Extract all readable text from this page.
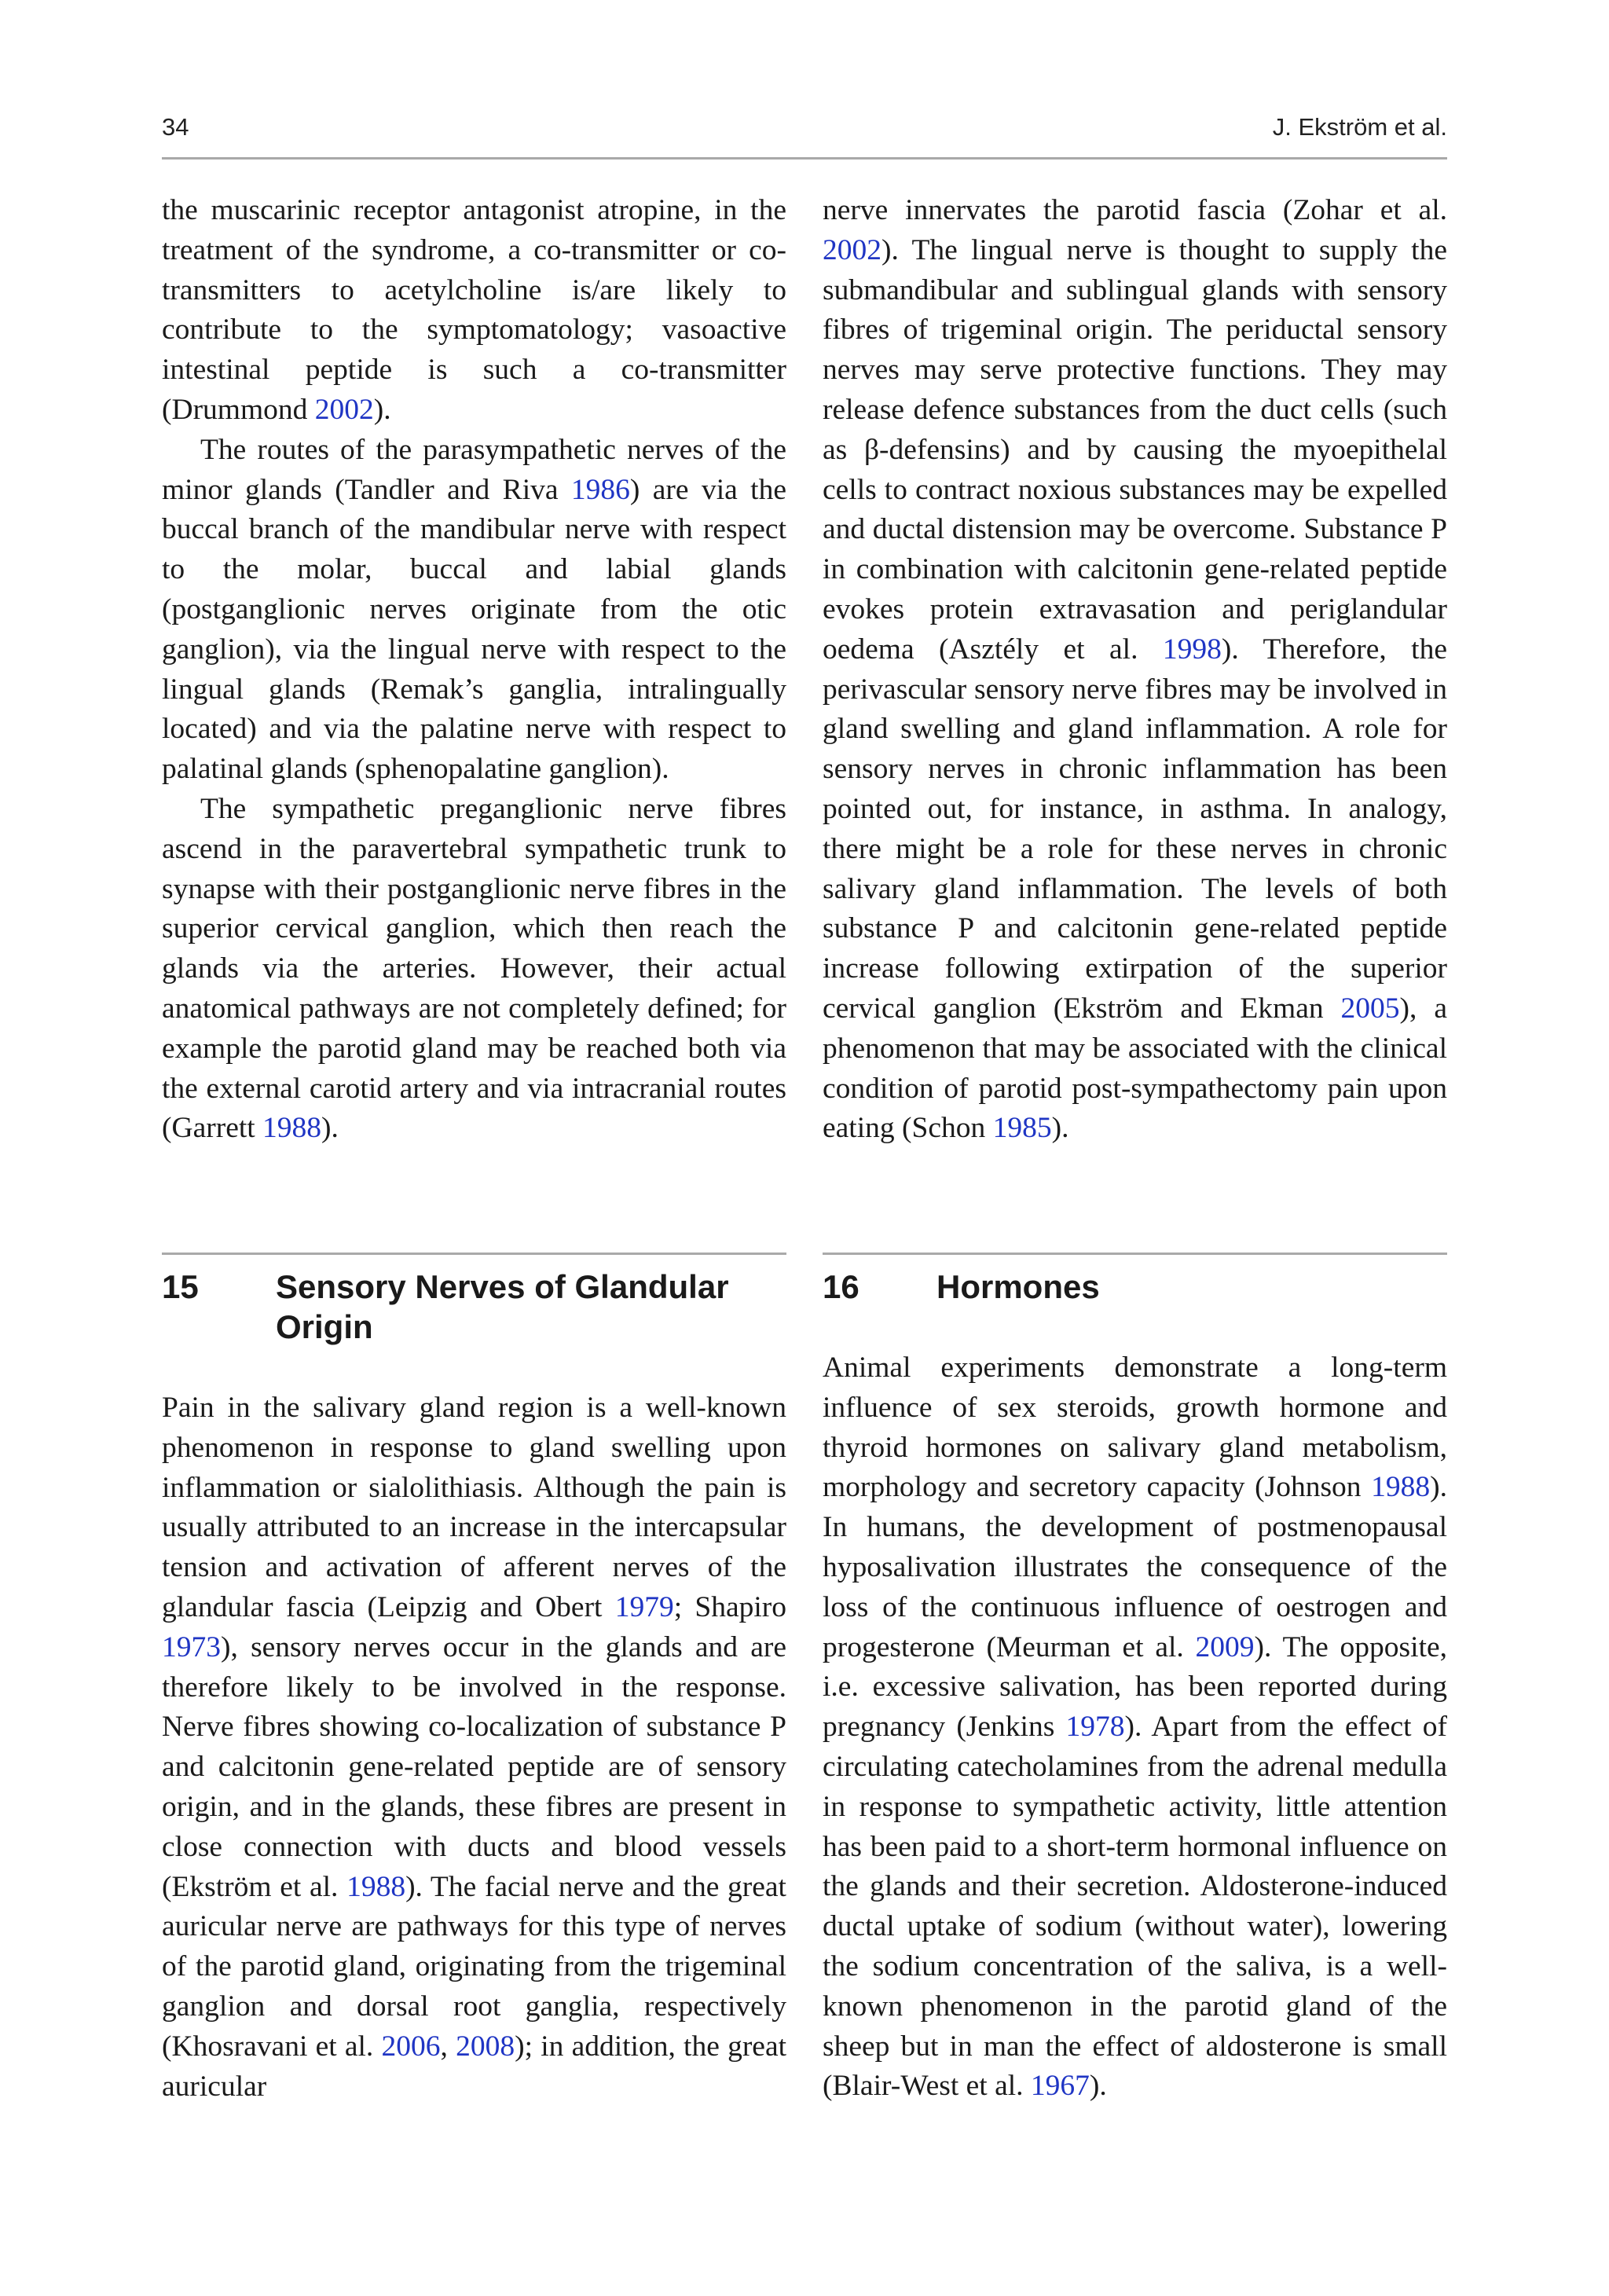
34	J. Ekström et al.

the muscarinic receptor antagonist atropine, in the treatment of the syndrome, a co-transmitter or co-transmitters to acetylcholine is/are likely to contribute to the symptomatology; vasoactive intestinal peptide is such a co-transmitter (Drummond 2002).

The routes of the parasympathetic nerves of the minor glands (Tandler and Riva 1986) are via the buccal branch of the mandibular nerve with respect to the molar, buccal and labial glands (postganglionic nerves originate from the otic ganglion), via the lingual nerve with respect to the lingual glands (Remak’s ganglia, intralingually located) and via the palatine nerve with respect to palatinal glands (sphenopalatine ganglion).

The sympathetic preganglionic nerve fibres ascend in the paravertebral sympathetic trunk to synapse with their postganglionic nerve fibres in the superior cervical ganglion, which then reach the glands via the arteries. However, their actual anatomical pathways are not completely defined; for example the parotid gland may be reached both via the external carotid artery and via intracranial routes (Garrett 1988).

nerve innervates the parotid fascia (Zohar et al. 2002). The lingual nerve is thought to supply the submandibular and sublingual glands with sensory fibres of trigeminal origin. The periductal sensory nerves may serve protective functions. They may release defence substances from the duct cells (such as β-defensins) and by causing the myoepithelal cells to contract noxious substances may be expelled and ductal distension may be overcome. Substance P in combination with calcitonin gene-related peptide evokes protein extravasation and periglandular oedema (Asztély et al. 1998). Therefore, the perivascular sensory nerve fibres may be involved in gland swelling and gland inflammation. A role for sensory nerves in chronic inflammation has been pointed out, for instance, in asthma. In analogy, there might be a role for these nerves in chronic salivary gland inflammation. The levels of both substance P and calcitonin gene-related peptide increase following extirpation of the superior cervical ganglion (Ekström and Ekman 2005), a phenomenon that may be associated with the clinical condition of parotid post-sympathectomy pain upon eating (Schon 1985).

15 Sensory Nerves of Glandular Origin

Pain in the salivary gland region is a well-known phenomenon in response to gland swelling upon inflammation or sialolithiasis. Although the pain is usually attributed to an increase in the intercapsular tension and activation of afferent nerves of the glandular fascia (Leipzig and Obert 1979; Shapiro 1973), sensory nerves occur in the glands and are therefore likely to be involved in the response. Nerve fibres showing co-localization of substance P and calcitonin gene-related peptide are of sensory origin, and in the glands, these fibres are present in close connection with ducts and blood vessels (Ekström et al. 1988). The facial nerve and the great auricular nerve are pathways for this type of nerves of the parotid gland, originating from the trigeminal ganglion and dorsal root ganglia, respectively (Khosravani et al. 2006, 2008); in addition, the great auricular

16 Hormones

Animal experiments demonstrate a long-term influence of sex steroids, growth hormone and thyroid hormones on salivary gland metabolism, morphology and secretory capacity (Johnson 1988). In humans, the development of postmenopausal hyposalivation illustrates the consequence of the loss of the continuous influence of oestrogen and progesterone (Meurman et al. 2009). The opposite, i.e. excessive salivation, has been reported during pregnancy (Jenkins 1978). Apart from the effect of circulating catecholamines from the adrenal medulla in response to sympathetic activity, little attention has been paid to a short-term hormonal influence on the glands and their secretion. Aldosterone-induced ductal uptake of sodium (without water), lowering the sodium concentration of the saliva, is a well-known phenomenon in the parotid gland of the sheep but in man the effect of aldosterone is small (Blair-West et al. 1967).
